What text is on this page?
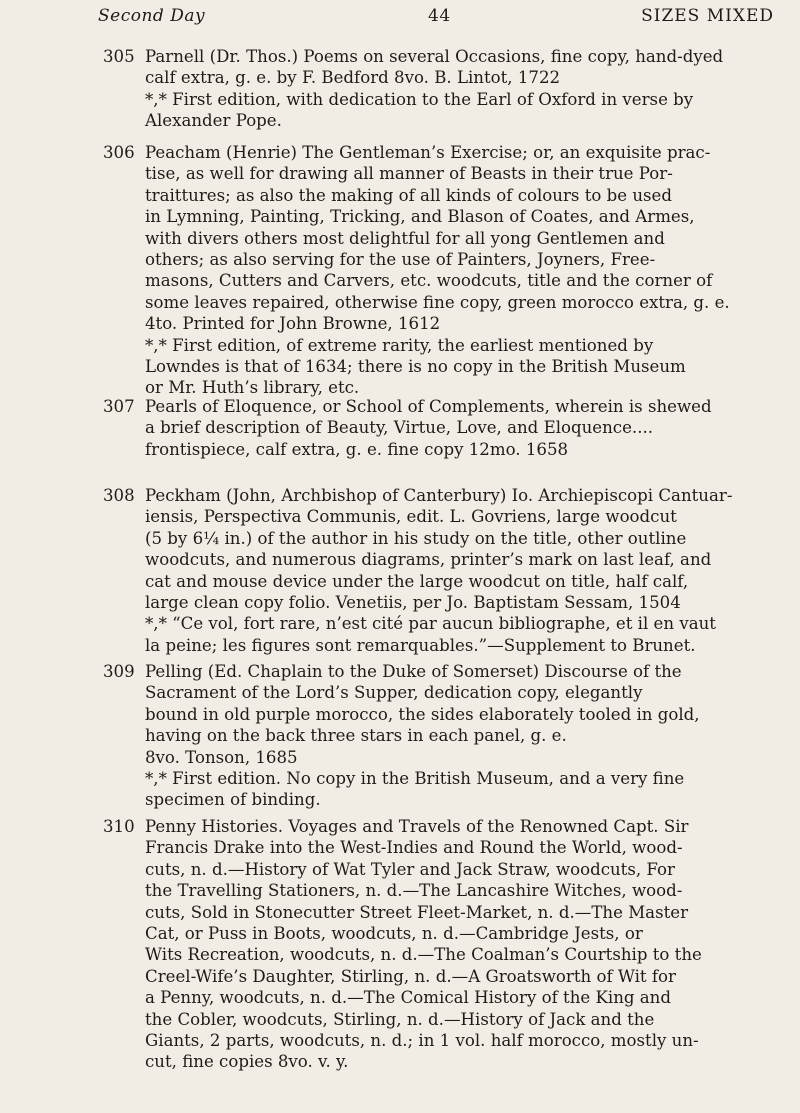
Second Day	44	SIZES MIXED
305 Parnell (Dr. Thos.) Poems on several Occasions, fine copy, hand-dyed
calf extra, g. e. by F. Bedford 8vo. B. Lintot, 1722
*,* First edition, with dedication to the Earl of Oxford in verse by
Alexander Pope.
306 Peacham (Henrie) The Gentleman’s Exercise; or, an exquisite prac-
tise, as well for drawing all manner of Beasts in their true Por-
traittures; as also the making of all kinds of colours to be used
in Lymning, Painting, Tricking, and Blason of Coates, and Armes,
with divers others most delightful for all yong Gentlemen and
others; as also serving for the use of Painters, Joyners, Free-
masons, Cutters and Carvers, etc. woodcuts, title and the corner of
some leaves repaired, otherwise fine copy, green morocco extra, g. e.
4to. Printed for John Browne, 1612
*,* First edition, of extreme rarity, the earliest mentioned by
Lowndes is that of 1634; there is no copy in the British Museum
or Mr. Huth’s library, etc.
307 Pearls of Eloquence, or School of Complements, wherein is shewed
a brief description of Beauty, Virtue, Love, and Eloquence....
frontispiece, calf extra, g. e. fine copy 12mo. 1658
308 Peckham (John, Archbishop of Canterbury) Io. Archiepiscopi Cantuar-
iensis, Perspectiva Communis, edit. L. Govriens, large woodcut
(5 by 6¼ in.) of the author in his study on the title, other outline
woodcuts, and numerous diagrams, printer’s mark on last leaf, and
cat and mouse device under the large woodcut on title, half calf,
large clean copy folio. Venetiis, per Jo. Baptistam Sessam, 1504
*,* “Ce vol, fort rare, n’est cité par aucun bibliographe, et il en vaut
la peine; les figures sont remarquables.”—Supplement to Brunet.
309 Pelling (Ed. Chaplain to the Duke of Somerset) Discourse of the
Sacrament of the Lord’s Supper, dedication copy, elegantly
bound in old purple morocco, the sides elaborately tooled in gold,
having on the back three stars in each panel, g. e.
8vo. Tonson, 1685
*,* First edition. No copy in the British Museum, and a very fine
specimen of binding.
310 Penny Histories. Voyages and Travels of the Renowned Capt. Sir
Francis Drake into the West-Indies and Round the World, wood-
cuts, n. d.—History of Wat Tyler and Jack Straw, woodcuts, For
the Travelling Stationers, n. d.—The Lancashire Witches, wood-
cuts, Sold in Stonecutter Street Fleet-Market, n. d.—The Master
Cat, or Puss in Boots, woodcuts, n. d.—Cambridge Jests, or
Wits Recreation, woodcuts, n. d.—The Coalman’s Courtship to the
Creel-Wife’s Daughter, Stirling, n. d.—A Groatsworth of Wit for
a Penny, woodcuts, n. d.—The Comical History of the King and
the Cobler, woodcuts, Stirling, n. d.—History of Jack and the
Giants, 2 parts, woodcuts, n. d.; in 1 vol. half morocco, mostly un-
cut, fine copies 8vo. v. y.
